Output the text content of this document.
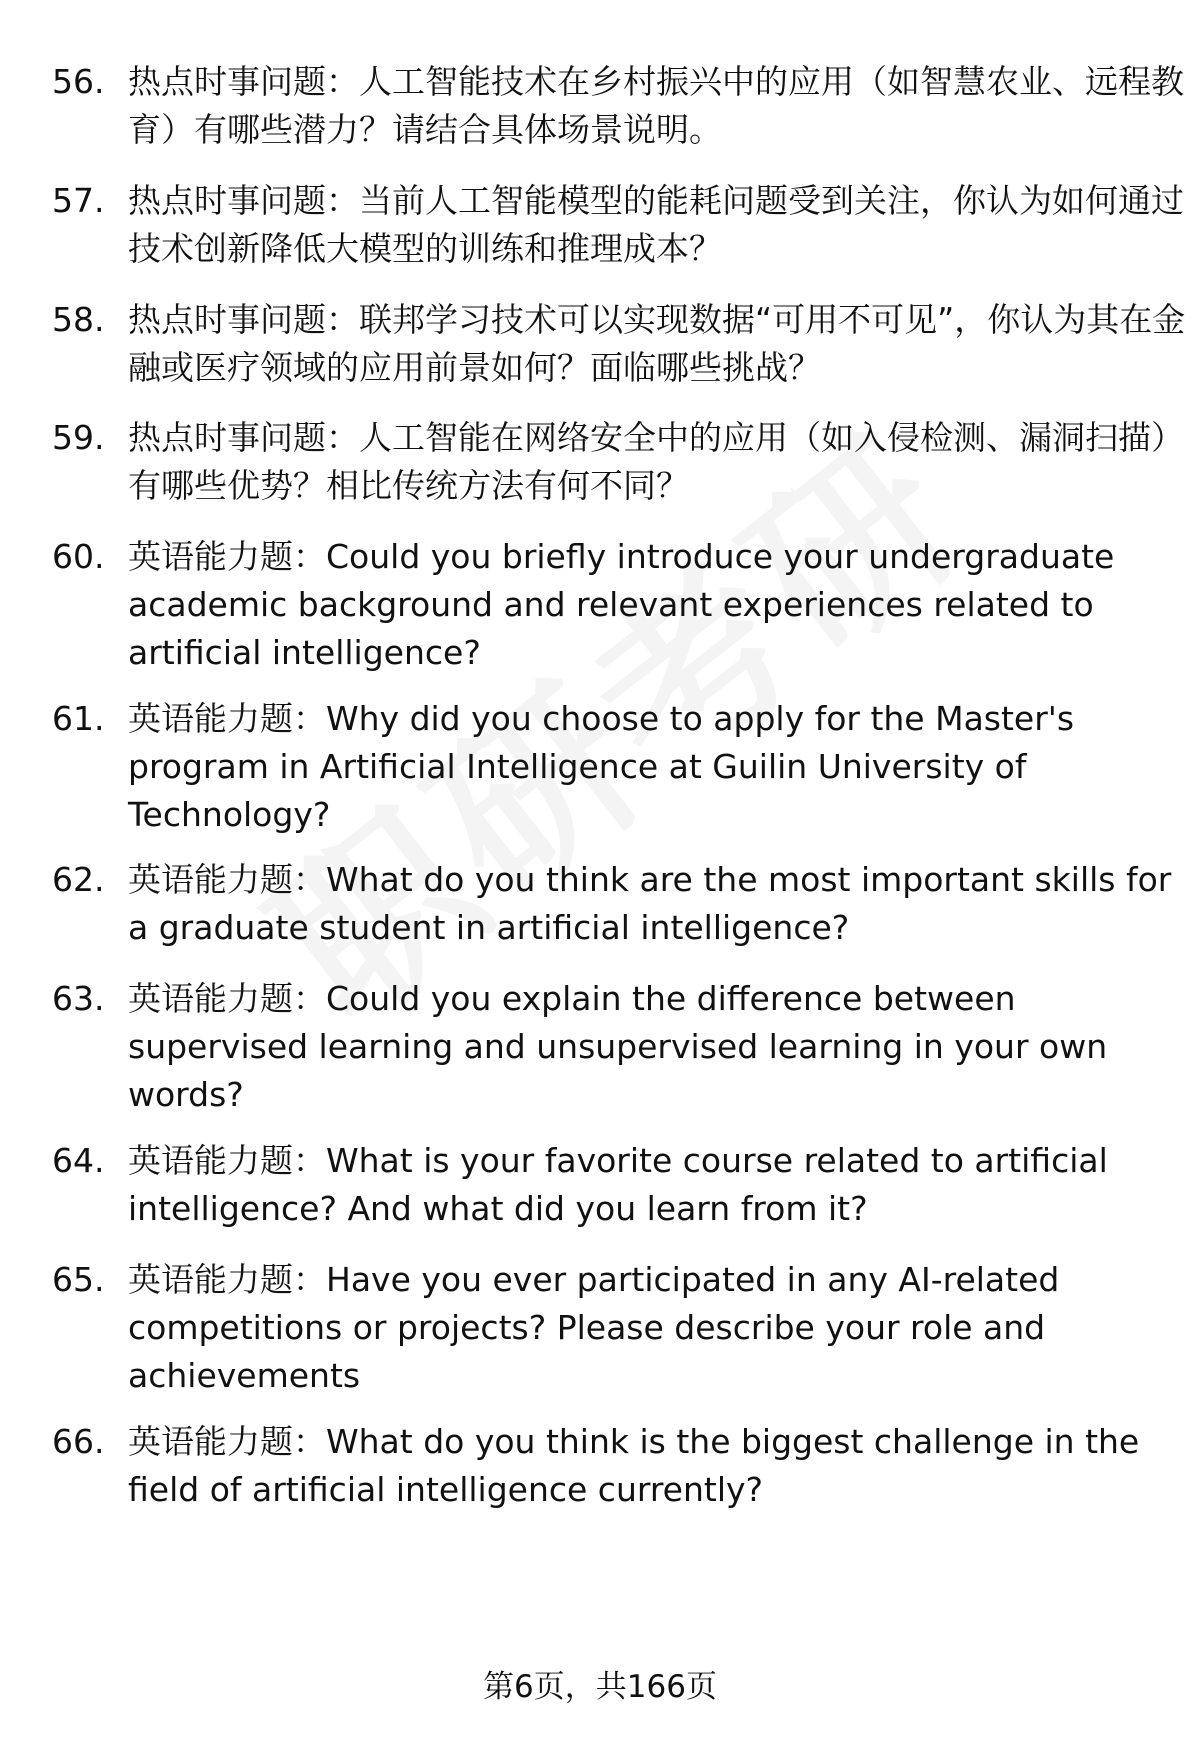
56. 热点时事问题：人工智能技术在乡村振兴中的应用（如智慧农业、远程教育）有哪些潜力？请结合具体场景说明。
57. 热点时事问题：当前人工智能模型的能耗问题受到关注，你认为如何通过技术创新降低大模型的训练和推理成本？
58. 热点时事问题：联邦学习技术可以实现数据“可用不可见”，你认为其在金融或医疗领域的应用前景如何？面临哪些挑战？
59. 热点时事问题：人工智能在网络安全中的应用（如入侵检测、漏洞扫描）有哪些优势？相比传统方法有何不同？
60. 英语能力题：Could you briefly introduce your undergraduate academic background and relevant experiences related to artificial intelligence?
61. 英语能力题：Why did you choose to apply for the Master's program in Artificial Intelligence at Guilin University of Technology?
62. 英语能力题：What do you think are the most important skills for a graduate student in artificial intelligence?
63. 英语能力题：Could you explain the difference between supervised learning and unsupervised learning in your own words?
64. 英语能力题：What is your favorite course related to artificial intelligence? And what did you learn from it?
65. 英语能力题：Have you ever participated in any AI-related competitions or projects? Please describe your role and achievements
66. 英语能力题：What do you think is the biggest challenge in the field of artificial intelligence currently?
第6页，共166页
